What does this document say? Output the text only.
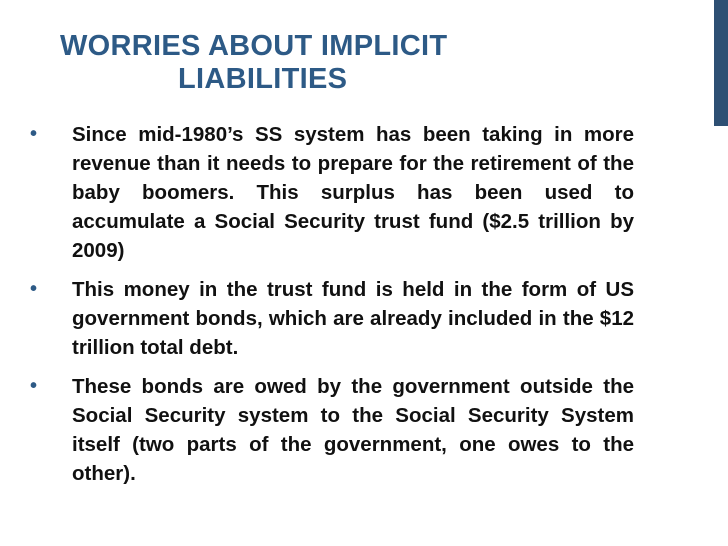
WORRIES ABOUT IMPLICIT
LIABILITIES
•	Since mid-1980’s SS system has been taking in more revenue than it needs to prepare for the retirement of the baby boomers. This surplus has been used to accumulate a Social Security trust fund ($2.5 trillion by 2009)
•	This money in the trust fund is held in the form of US government bonds, which are already included in the $12 trillion total debt.
•	These bonds are owed by the government outside the Social Security system to the Social Security System itself (two parts of the government, one owes to the other).
